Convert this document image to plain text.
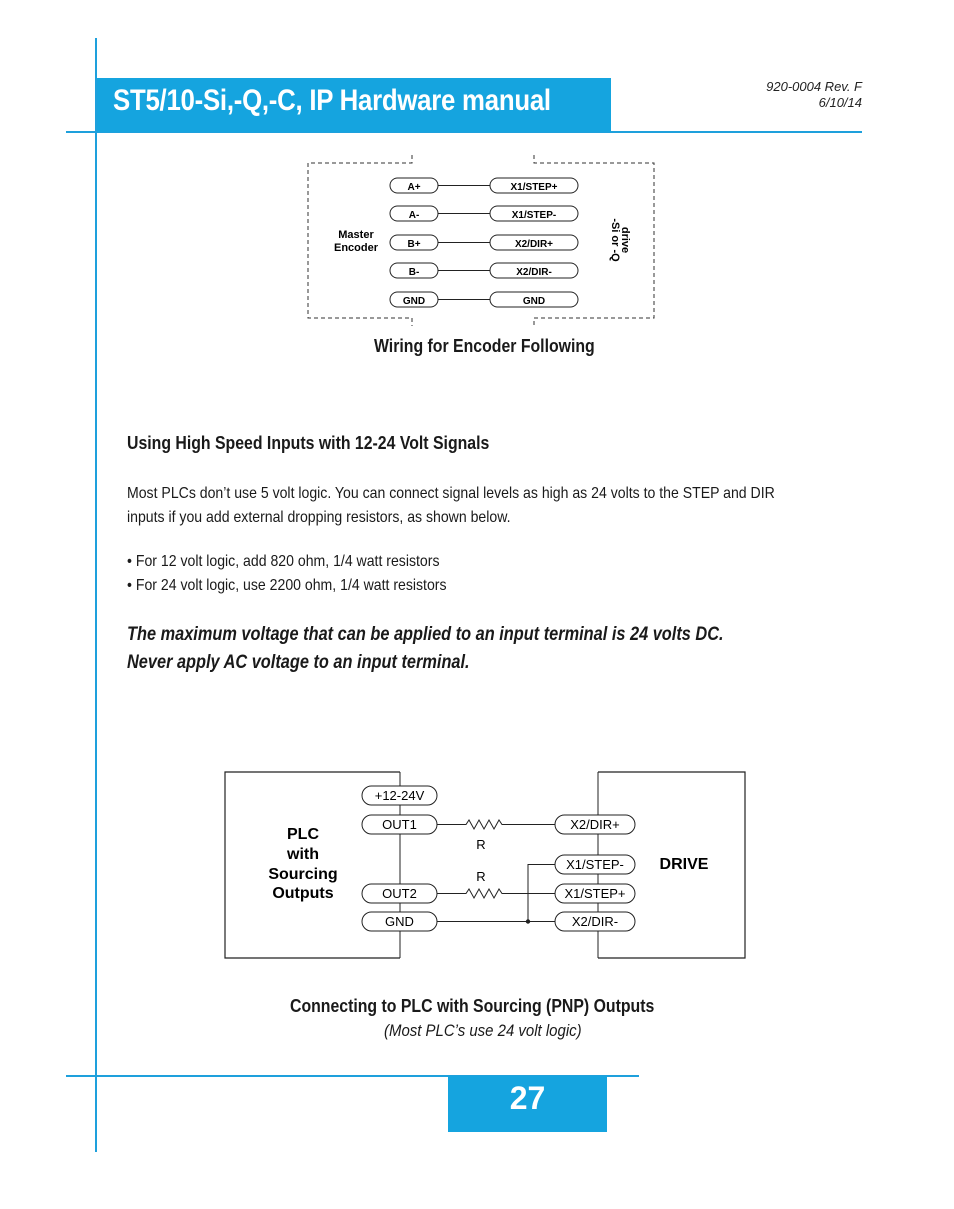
ST5/10-Si,-Q,-C, IP Hardware manual	920-0004 Rev. F
6/10/14
Master
Encoder	-Si or -Q
drive
A+	X1/STEP+
A-	X1/STEP-
B+	X2/DIR+
B-	X2/DIR-
GND	GND
Wiring for Encoder Following
Using High Speed Inputs with 12-24 Volt Signals
Most PLCs don’t use 5 volt logic. You can connect signal levels as high as 24 volts to the STEP and DIR
inputs if you add external dropping resistors, as shown below.
• For 12 volt logic, add 820 ohm, 1/4 watt resistors
• For 24 volt logic, use 2200 ohm, 1/4 watt resistors
The maximum voltage that can be applied to an input terminal is 24 volts DC.
Never apply AC voltage to an input terminal.
PLC
with
Sourcing
Outputs
DRIVE
+12-24V
OUT1
OUT2
GND
X2/DIR+
X1/STEP-
X1/STEP+
X2/DIR-
R
R
Connecting to PLC with Sourcing (PNP) Outputs
(Most PLC’s use 24 volt logic)
27
